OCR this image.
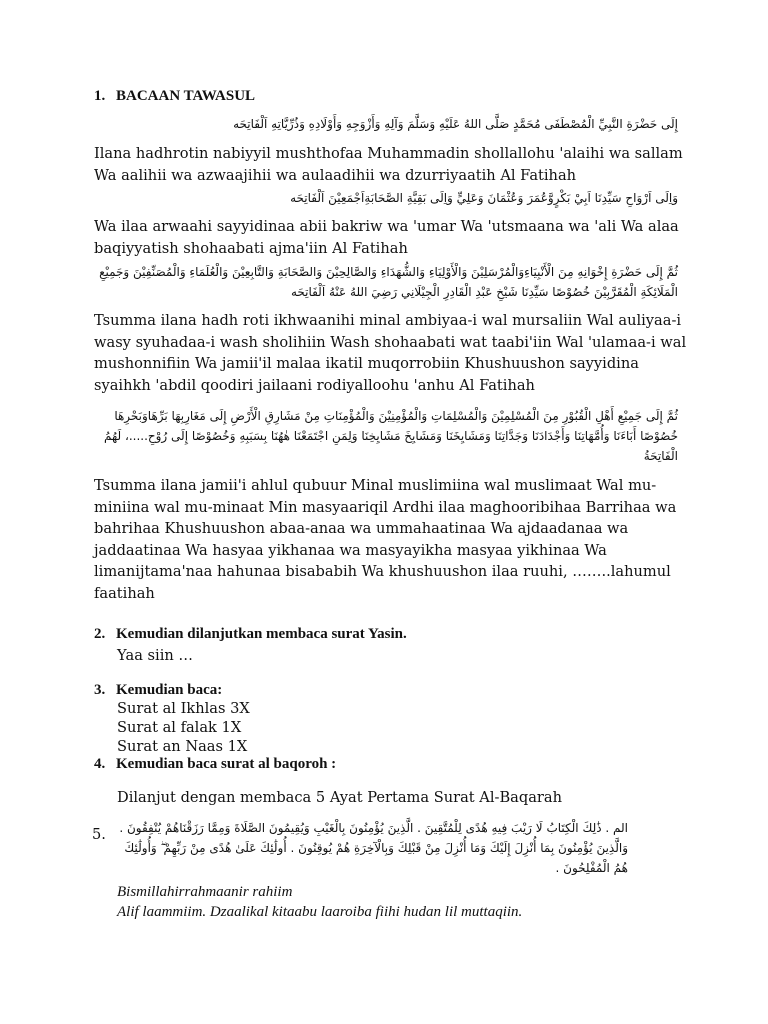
1. BACAAN TAWASUL
إِلَى حَضْرَةِ النَّبِيِّ الْمُصْطَفَى مُحَمَّدٍ صَلَّى اللهُ عَلَيْهِ وَسَلَّمَ وَآلِهِ وَأَزْوَجِهِ وَأَوْلَادِهِ وَذُرِّيَّاتِهِ اَلْفَاتِحَه
Ilana hadhrotin nabiyyil mushthofaa Muhammadin shollallohu 'alaihi wa sallam Wa aalihii wa azwaajihii wa aulaadihii wa dzurriyaatih Al Fatihah
وَاِلَى اَرْوَاحِ سَيِّدِنَا اَبِيْ بَكْرٍوَّعُمَرَ وَعُثْمَانَ وَعَلِيٍّ وَاِلَى بَقِيَّةِ الصَّحَابَةِاَجْمَعِيْنَ اَلْفَاتِحَه
Wa ilaa arwaahi sayyidinaa abii bakriw wa 'umar Wa 'utsmaana wa 'ali Wa alaa baqiyyatish shohaabati ajma'iin Al Fatihah
ثُمَّ إِلَى حَضْرَةِ إِخْوَانِهِ مِنَ الْأَنْبِيَاءِوَالْمُرْسَلِيْنَ وَالْأَوْلِيَاءِ وَالشُّهَدَاءِ وَالصَّالِحِيْنَ وَالصَّحَابَةِ وَالتَّابِعِيْنَ وَالْعُلَمَاءِ وَالْمُصَنِّفِيْنَ وَجَمِيْعِ الْمَلَائِكَةِ الْمُقَرَّبِيْنَ خُصُوْصًا سَيِّدِنَا شَيْخِ عَبْدِ الْقَادِرِ الْجِيْلَانِي رَضِيَ اللهُ عَنْهُ اَلْفَاتِحَه
Tsumma ilana hadh roti ikhwaanihi minal ambiyaa-i wal mursaliin Wal auliyaa-i wasy syuhadaa-i wash sholihiin Wash shohaabati wat taabi'iin Wal 'ulamaa-i wal mushonnifiin Wa jamii'il malaa ikatil muqorrobiin Khushuushon sayyidina syaihkh 'abdil qoodiri jailaani rodiyalloohu 'anhu Al Fatihah
ثُمَّ إِلَى جَمِيْعِ أَهْلِ الْقُبُوْرِ مِنَ الْمُسْلِمِيْنَ وَالْمُسْلِمَاتِ وَالْمُؤْمِنِيْنَ وَالْمُؤْمِنَاتِ مِنْ مَشَارِقِ الْأَرْضِ إِلَى مَغَارِبِهَا بَرِّهَاوَبَحْرِهَا خُصُوْصًا أَبَاءَنَا وَأُمَّهَاتِنَا وَأَجْدَادَنَا وَجَدَّاتِنَا وَمَشَايِخَنَا وَمَشَايِخَ مَشَايِخِنَا وَلِمَنِ اجْتَمَعْنَا هٰهُنَا بِسَبَبِهِ وَخُصُوْصًا إِلَى رُوْحِ.....، لَهُمُ الْفَاتِحَةُ
Tsumma ilana jamii'i ahlul qubuur Minal muslimiina wal muslimaat Wal mu-miniina wal mu-minaat Min masyaariqil Ardhi ilaa maghooribihaa Barrihaa wa bahrihaa Khushuushon abaa-anaa wa ummahaatinaa Wa ajdaadanaa wa jaddaatinaa Wa hasyaa yikhanaa wa masyayikha masyaa yikhinaa Wa limanijtama'naa hahunaa bisababih Wa khushuushon ilaa ruuhi, ……..lahumul faatihah
2. Kemudian dilanjutkan membaca surat Yasin.
Yaa siin …
3. Kemudian baca:
Surat al Ikhlas 3X
Surat al falak 1X
Surat an Naas 1X
4. Kemudian baca surat al baqoroh :
Dilanjut dengan membaca 5 Ayat Pertama Surat Al-Baqarah
5. الم . ذَٰلِكَ الْكِتَابُ لَا رَيْبَ فِيهِ هُدًى لِلْمُتَّقِينَ . الَّذِينَ يُؤْمِنُونَ بِالْغَيْبِ وَيُقِيمُونَ الصَّلَاةَ وَمِمَّا رَزَقْنَاهُمْ يُنْفِقُونَ . وَالَّذِينَ يُؤْمِنُونَ بِمَا أُنْزِلَ إِلَيْكَ وَمَا أُنْزِلَ مِنْ قَبْلِكَ وَبِالْآخِرَةِ هُمْ يُوقِنُونَ . أُولَٰئِكَ عَلَىٰ هُدًى مِنْ رَبِّهِمْ ۖ وَأُولَٰئِكَ هُمُ الْمُفْلِحُونَ .
Bismillahirrahmaanir rahiim
Alif laammiim. Dzaalikal kitaabu laaroiba fiihi hudan lil muttaqiin.
